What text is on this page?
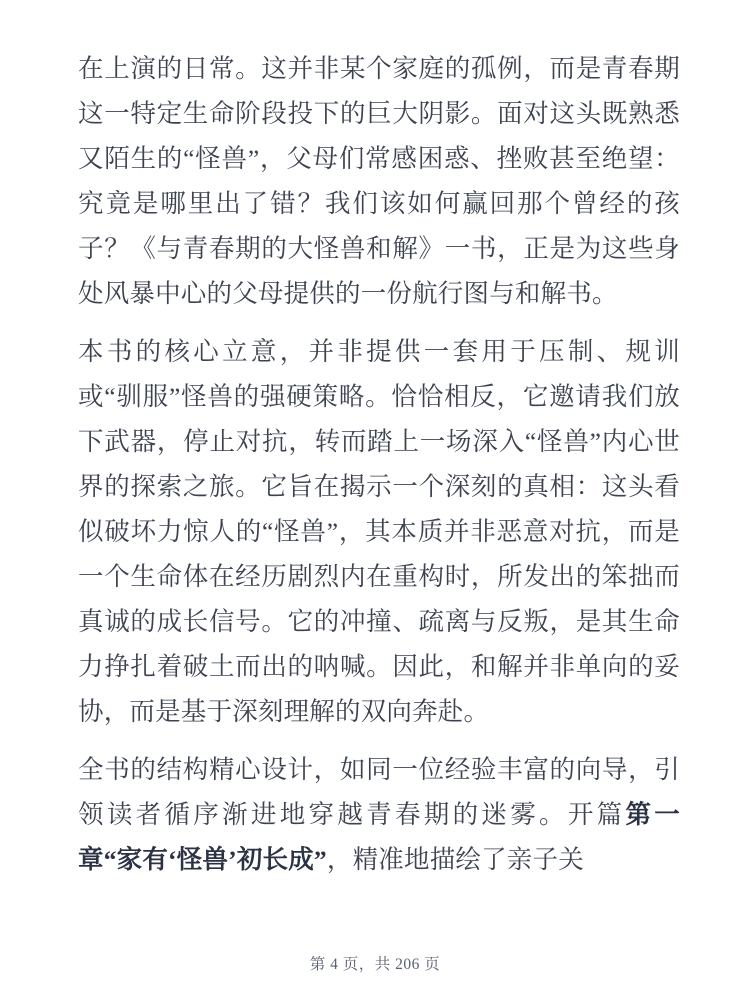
在上演的日常。这并非某个家庭的孤例，而是青春期这一特定生命阶段投下的巨大阴影。面对这头既熟悉又陌生的“怪兽”，父母们常感困惑、挫败甚至绝望：究竟是哪里出了错？我们该如何赢回那个曾经的孩子？《与青春期的大怪兽和解》一书，正是为这些身处风暴中心的父母提供的一份航行图与和解书。

本书的核心立意，并非提供一套用于压制、规训或“驯服”怪兽的强硬策略。恰恰相反，它邀请我们放下武器，停止对抗，转而踏上一场深入“怪兽”内心世界的探索之旅。它旨在揭示一个深刻的真相：这头看似破坏力惊人的“怪兽”，其本质并非恶意对抗，而是一个生命体在经历剧烈内在重构时，所发出的笨拙而真诚的成长信号。它的冲撞、疏离与反叛，是其生命力挣扎着破土而出的呐喊。因此，和解并非单向的妥协，而是基于深刻理解的双向奔赴。

全书的结构精心设计，如同一位经验丰富的向导，引领读者循序渐进地穿越青春期的迷雾。开篇第一章“家有‘怪兽’初长成”，精准地描绘了亲子关

第 4 页，共 206 页
